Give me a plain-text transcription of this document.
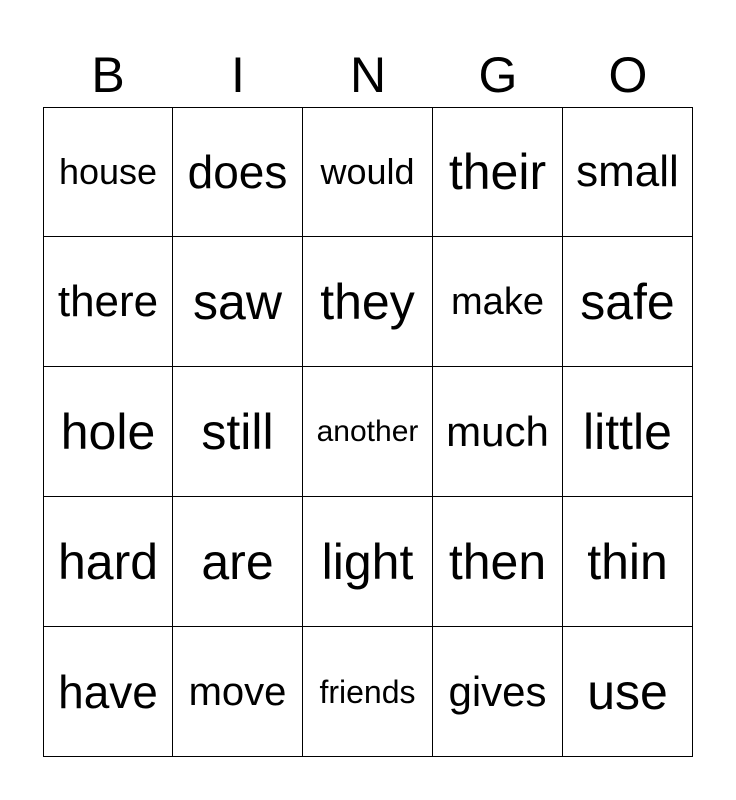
B	I	N	G	O
house does would their small
there saw they make safe
hole still	another much little
hard are light then thin
have move	friends gives use
